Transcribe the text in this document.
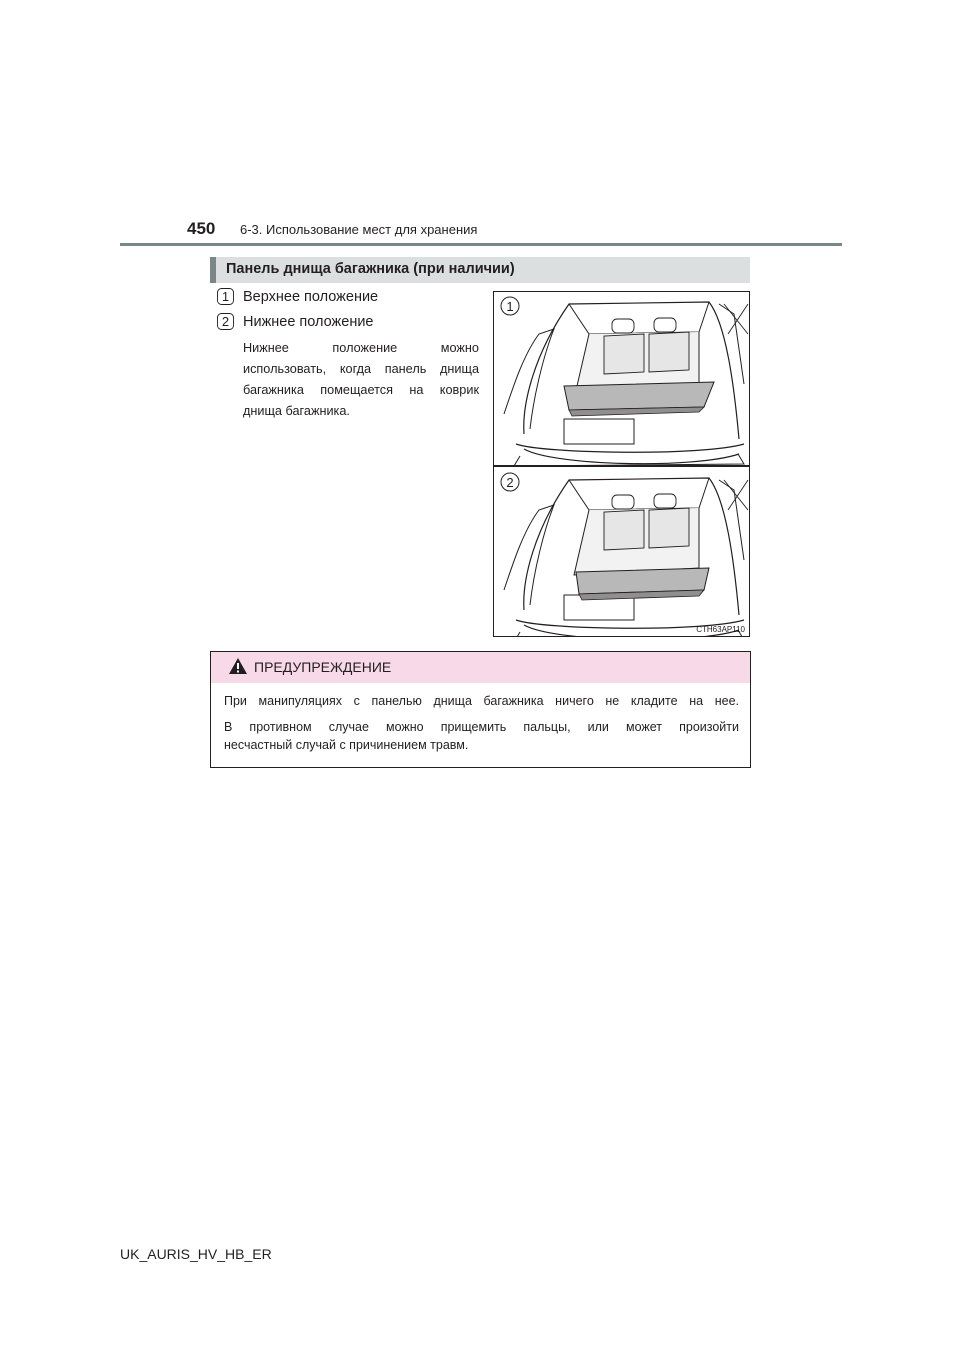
450 6-3. Использование мест для хранения
Панель днища багажника (при наличии)
1 Верхнее положение
2 Нижнее положение
Нижнее положение можно использовать, когда панель днища багажника помещается на коврик днища багажника.
1
2
CTH63AP110
ПРЕДУПРЕЖДЕНИЕ
При манипуляциях с панелью днища багажника ничего не кладите на нее.
В противном случае можно прищемить пальцы, или может произойти
несчастный случай с причинением травм.
UK_AURIS_HV_HB_ER
